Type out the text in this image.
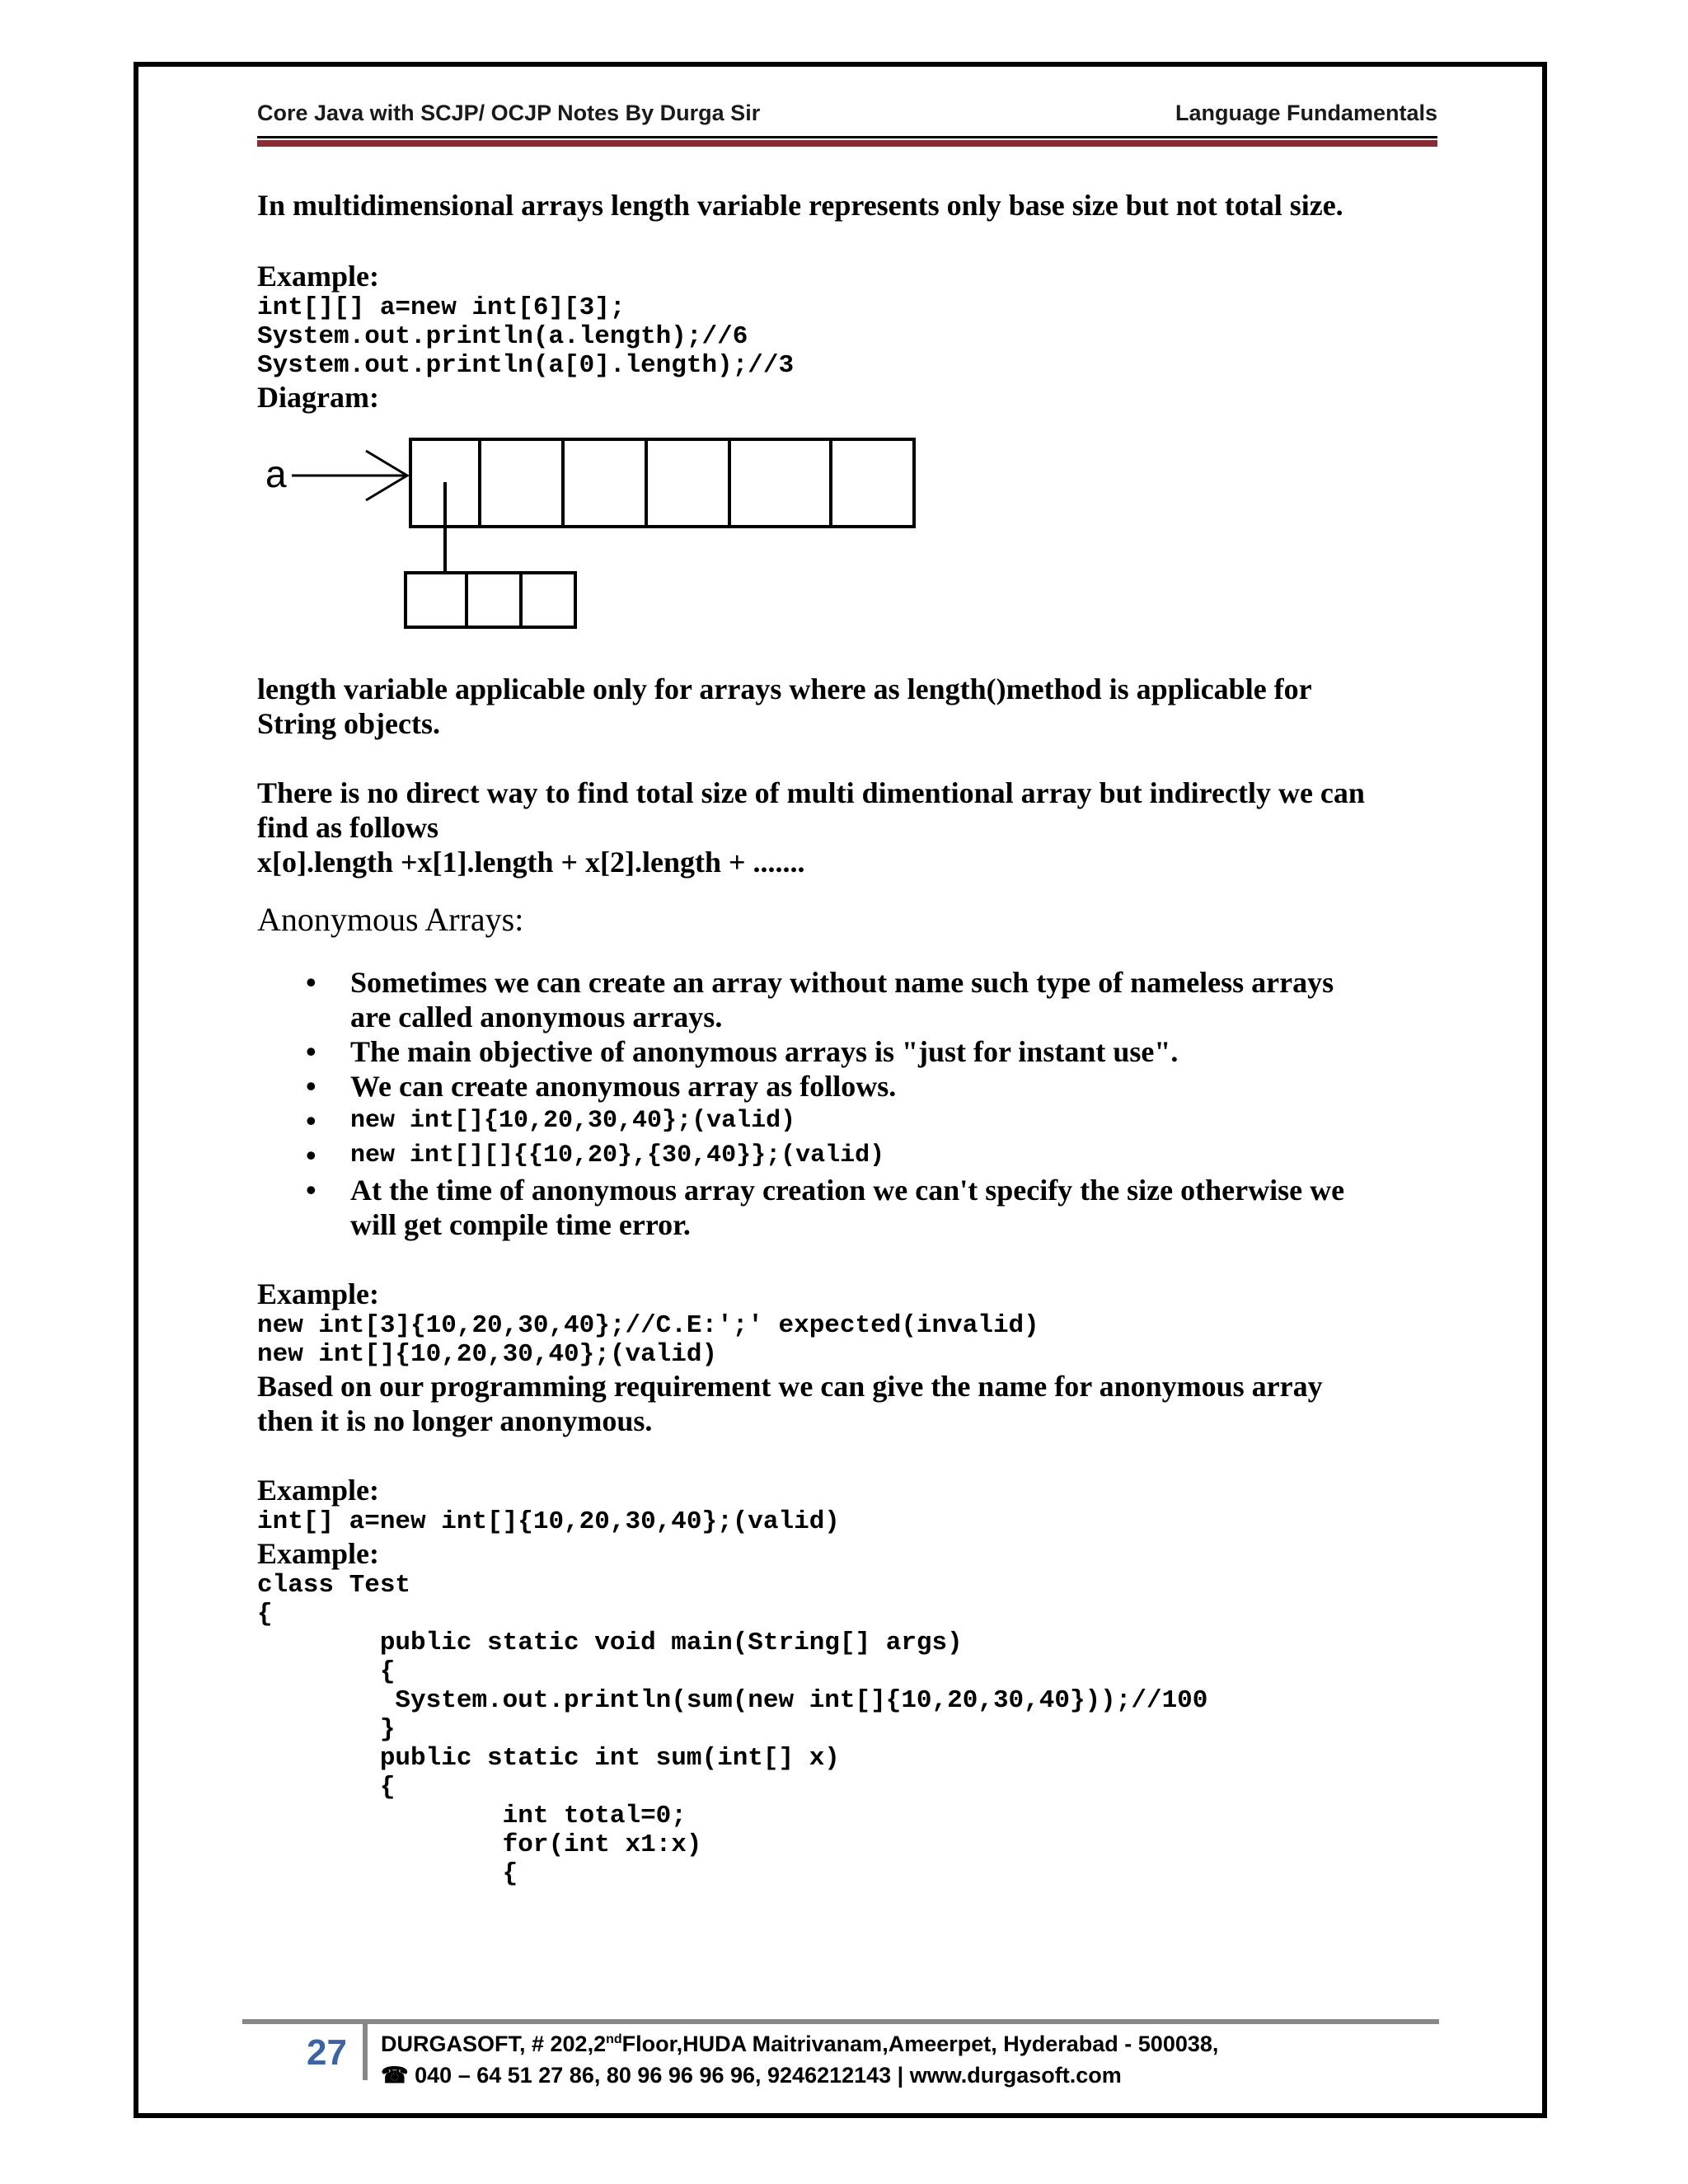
Core Java with SCJP/ OCJP Notes By Durga Sir	Language Fundamentals

In multidimensional arrays length variable represents only base size but not total size.

Example:

int[][] a=new int[6][3];

System.out.println(a.length);//6

System.out.println(a[0].length);//3

Diagram:

a

length variable applicable only for arrays where as length()method is applicable for

String objects.

There is no direct way to find total size of multi dimentional array but indirectly we can

find as follows

x[o].length +x[1].length + x[2].length + .......

Anonymous Arrays:

• Sometimes we can create an array without name such type of nameless arrays

are called anonymous arrays.

• The main objective of anonymous arrays is "just for instant use".

• We can create anonymous array as follows.

• new int[]{10,20,30,40};(valid)

• new int[][]{{10,20},{30,40}};(valid)

• At the time of anonymous array creation we can't specify the size otherwise we

will get compile time error.

Example:

new int[3]{10,20,30,40};//C.E:';' expected(invalid)

new int[]{10,20,30,40};(valid)

Based on our programming requirement we can give the name for anonymous array

then it is no longer anonymous.

Example:

int[] a=new int[]{10,20,30,40};(valid)

Example:

class Test

{

public static void main(String[] args)

{

System.out.println(sum(new int[]{10,20,30,40}));//100

}

public static int sum(int[] x)

{

int total=0;

for(int x1:x)

{

27 DURGASOFT, # 202,2ndFloor,HUDA Maitrivanam,Ameerpet, Hyderabad - 500038,
☎ 040 – 64 51 27 86, 80 96 96 96 96, 9246212143 | www.durgasoft.com
